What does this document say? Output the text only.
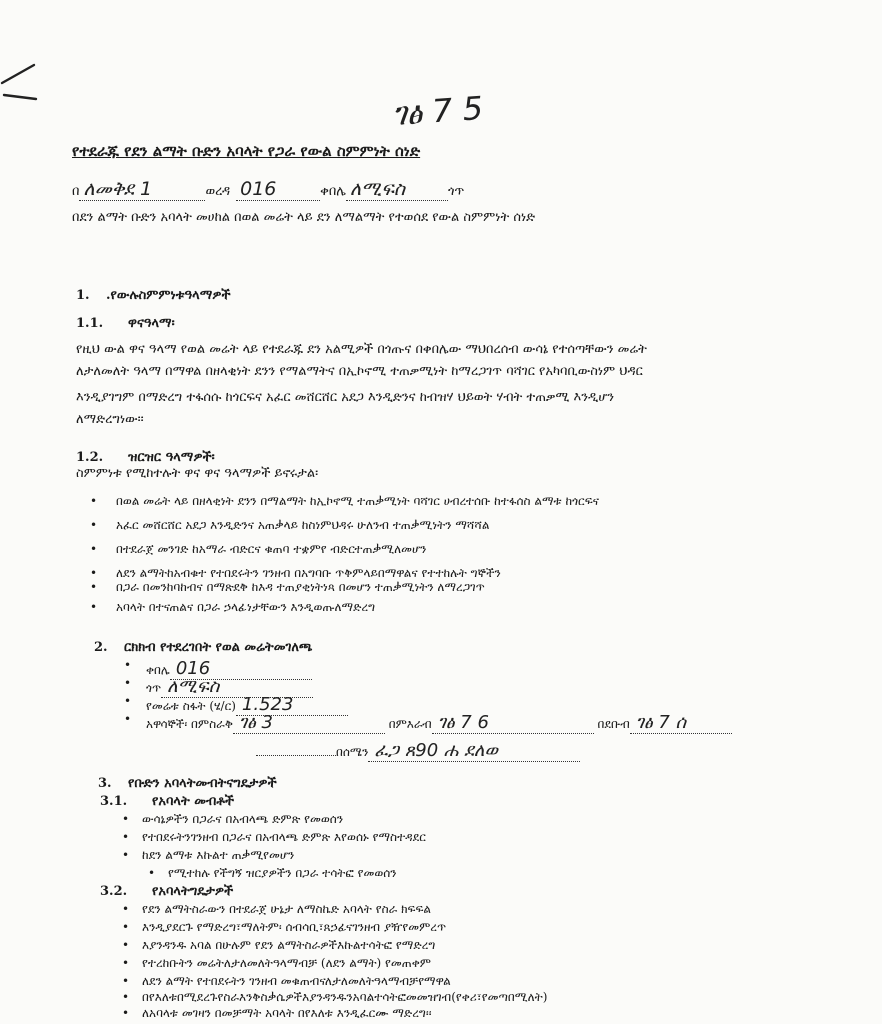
ገፅ 7 5
የተደራጁ የደን ልማት ቡድን አባላት የጋራ የውል ስምምነት ሰነድ
በ ለመቅደ 1	ወረዳ 016	ቀበሌ ለሚፍስ	ጎጥ
በደን ልማት ቡድን አባላት መሀከል በወል መሬት ላይ ደን ለማልማት የተወሰደ የውል ስምምነት ሰነድ
1. .የውሉስምምነቱዓላማዎች
1.1. ዋናዓላማ፡
የዚህ ውል ዋና ዓላማ የወል መሬት ላይ የተደራጁ ደን አልሚዎች በጎጡና በቀበሌው ማህበረሰብ ውሳኔ የተሰጣቸውን መሬት
ለታለመለት ዓላማ በማዋል በዘላቂነት ደንን የማልማትና በኢኮኖሚ ተጠቃሚነት ከማረጋገጥ ባሻገር የአካባቢውስነም ህዳር
እንዲያገግም በማድረግ ተፋሰሱ ከጎርፍና አፈር መሸርሸር አደጋ እንዲድንና ከብዝሃ ህይወት ሃብት ተጠቃሚ እንዲሆን
ለማድረግነው፡፡
1.2. ዝርዝር ዓላማዎች፡
ስምምነቱ የሚከተሉት ዋና ዋና ዓላማዎች ይኖሩታል፡
• በወል መሬት ላይ በዘላቂነት ደንን በማልማት ከኢኮኖሚ ተጠቃሚነት ባሻገር ሀብረተሰቡ ከተፋሰስ ልማቱ ከጎርፍና
• አፈር መሸርሸር አደጋ እንዲድንና አጠቃላይ ከስነምህዳሩ ሁለንብ ተጠቃሚነትን ማሻሻል
• በተደራጀ መንገድ ከአማራ ብድርና ቁጠባ ተቋምየ ብድርተጠቃሚለመሆን
• ለደን ልማትከአብቁተ የተበደሩትን ገንዘብ በአግባቡ ጥቅምላይበማዋልና የተተከሉት ግኞችን
• በጋራ በመንከባከብና በማጽደቅ ከእዳ ተጠያቂነትነጻ በመሆን ተጠቃሚነትን ለማረጋገጥ
• አባላት በተናጠልና በጋራ ኃላፊነታቸውን እንዲወጡለማድረግ
2. ርክክብ የተደረገበት የወል መሬትመገለጫ
• ቀበሌ 016
• ጎጥ ለሚፍስ
• የመሬቱ ስፋት (ሄ/ር) 1.523
• አዋሳኞች፡ በምስራቅ ገፅ 3	በምእራብ ገፅ 7 6	በደቡብ ገፅ 7 ሰ
በሰሜን ፈጋ ጸ90 ሐ ደለወ
3. የቡድን አባላትመብትናግዴታዎች
3.1. የአባላት መብቶች
• ውሳኔዎችን በጋራና በአብላጫ ድምጽ የመወሰን
• የተበደሩትንገንዘብ በጋራና በአብላጫ ድምጽ እየወሰኑ የማስተዳደር
• ከደን ልማቱ እኩልተ ጠቃሚየመሆን
• የሚተከሉ የችግኝ ዝርያዎችን በጋራ ተሳትፎ የመወሰን
3.2. የአባላትግዴታዎች
• የደን ልማትስራውን በተደራጀ ሁኔታ ለማስኬድ አባላት የስራ ክፍፍል
• እንዲያደርጉ የማድረግ፣ማለትም፡ ሰብሳቢ፣ጸኃፊናገንዘብ ያዥየመምረጥ
• እያንዳንዱ አባል በሁሉም የደን ልማትስራዎችእኩልተሳትፎ የማድረግ
• የተረከቡትን መሬትለታለመለትዓላማብቻ (ለደን ልማት) የመጠቀም
• ለደን ልማት የተበደሩትን ገንዘብ መቁጠብናለታለመለትዓላማብቻየማዋል
• በየእለቱበሚደረጉየስራእንቅስቃሴዎችእያንዳንዱንአባልተሳትፎመመዝገብ(የቀሪ፣የመጣበሚለት)
• ለአባላቱ መገዛን በመቻማት አባላት በየእለቱ እንዲፈርሙ ማድረግ፡፡
